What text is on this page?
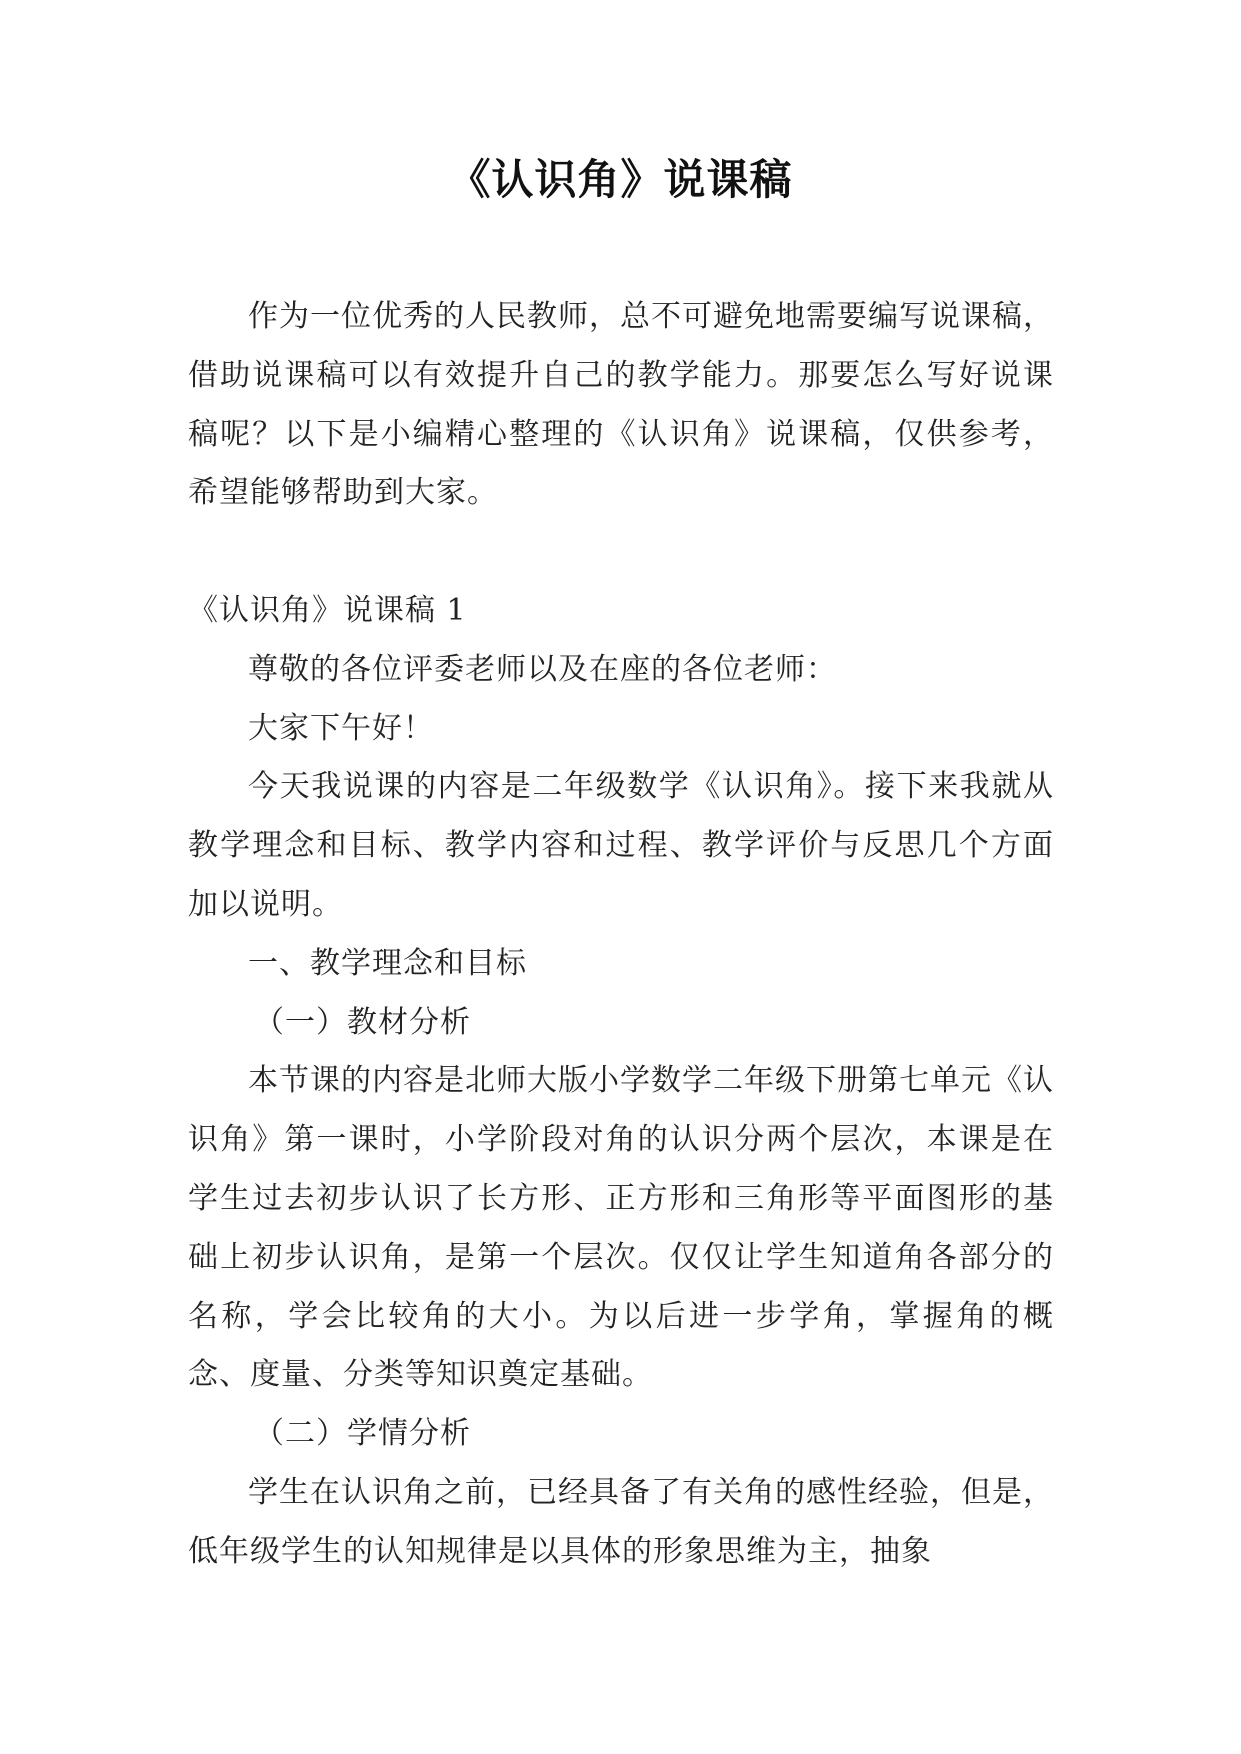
《认识角》说课稿

作为一位优秀的人民教师，总不可避免地需要编写说课稿，借助说课稿可以有效提升自己的教学能力。那要怎么写好说课稿呢？以下是小编精心整理的《认识角》说课稿，仅供参考，希望能够帮助到大家。

《认识角》说课稿 1

尊敬的各位评委老师以及在座的各位老师：

大家下午好！

今天我说课的内容是二年级数学《认识角》。接下来我就从教学理念和目标、教学内容和过程、教学评价与反思几个方面加以说明。

一、教学理念和目标

（一）教材分析

本节课的内容是北师大版小学数学二年级下册第七单元《认识角》第一课时，小学阶段对角的认识分两个层次，本课是在学生过去初步认识了长方形、正方形和三角形等平面图形的基础上初步认识角，是第一个层次。仅仅让学生知道角各部分的名称，学会比较角的大小。为以后进一步学角，掌握角的概念、度量、分类等知识奠定基础。

（二）学情分析

学生在认识角之前，已经具备了有关角的感性经验，但是，低年级学生的认知规律是以具体的形象思维为主，抽象
